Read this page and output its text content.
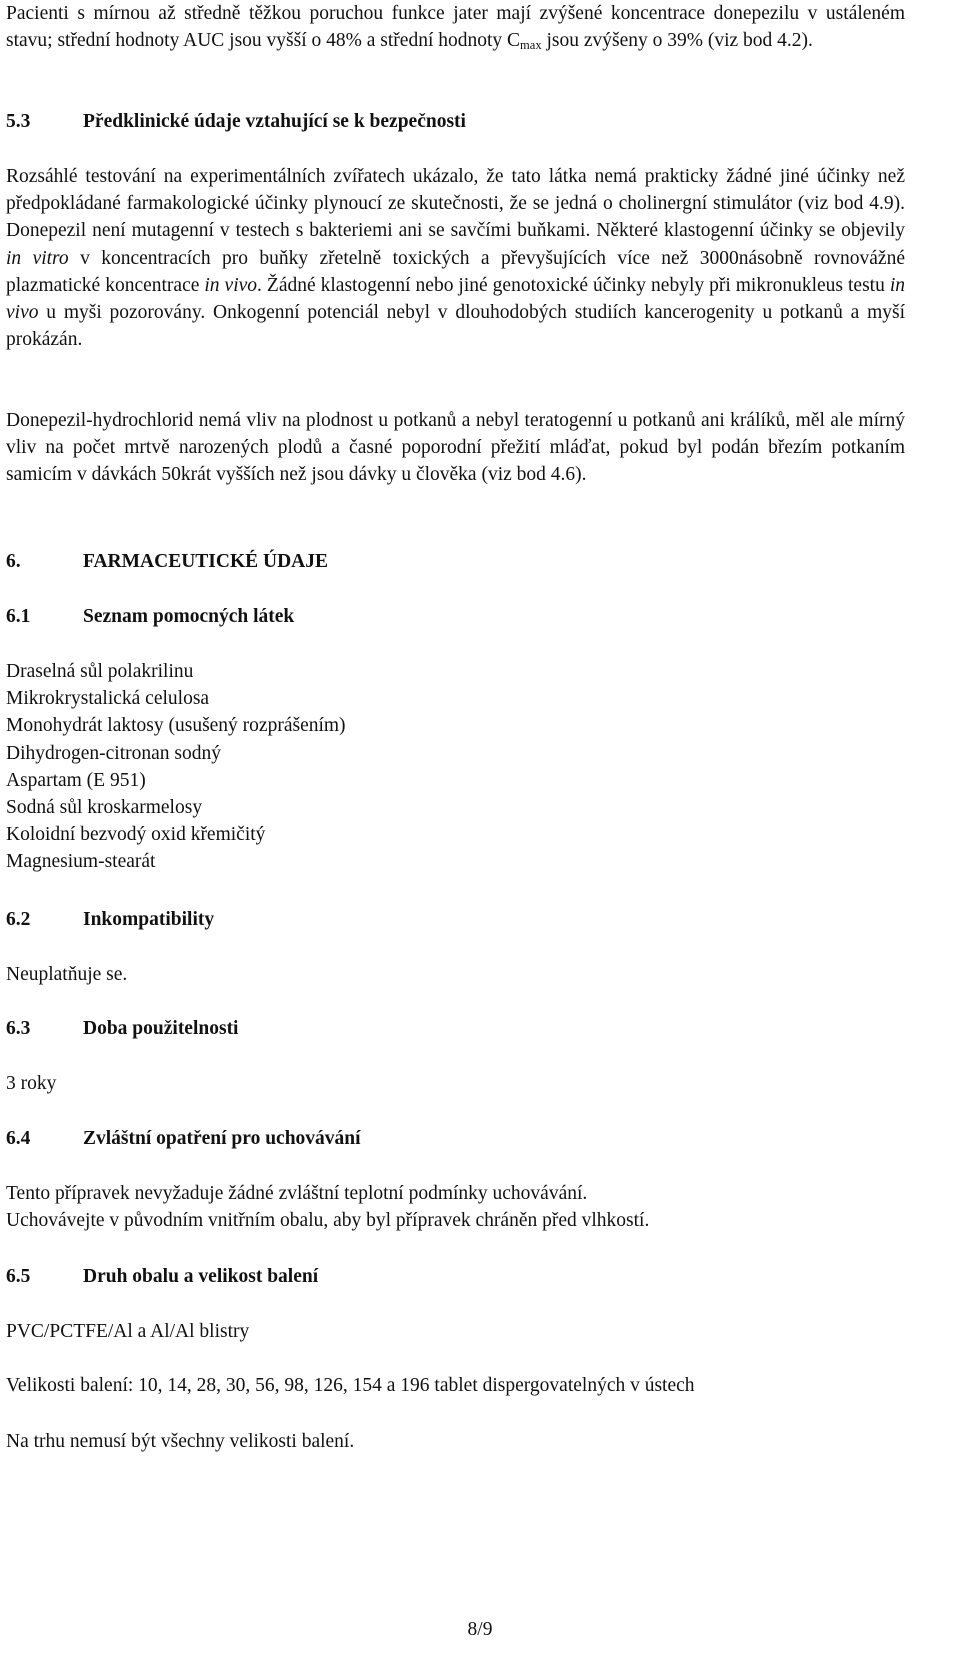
Pacienti s mírnou až středně těžkou poruchou funkce jater mají zvýšené koncentrace donepezilu v ustáleném stavu; střední hodnoty AUC jsou vyšší o 48% a střední hodnoty $C_{max}$ jsou zvýšeny o 39% (viz bod 4.2).

5.3	Předklinické údaje vztahující se k bezpečnosti

Rozsáhlé testování na experimentálních zvířatech ukázalo, že tato látka nemá prakticky žádné jiné účinky než předpokládané farmakologické účinky plynoucí ze skutečnosti, že se jedná o cholinergní stimulátor (viz bod 4.9). Donepezil není mutagenní v testech s bakteriemi ani se savčími buňkami. Některé klastogenní účinky se objevily in vitro v koncentracích pro buňky zřetelně toxických a převyšujících více než 3000násobně rovnovážné plazmatické koncentrace in vivo. Žádné klastogenní nebo jiné genotoxické účinky nebyly při mikronukleus testu in vivo u myši pozorovány. Onkogenní potenciál nebyl v dlouhodobých studiích kancerogenity u potkanů a myší prokázán.

Donepezil-hydrochlorid nemá vliv na plodnost u potkanů a nebyl teratogenní u potkanů ani králíků, měl ale mírný vliv na počet mrtvě narozených plodů a časné poporodní přežití mláďat, pokud byl podán březím potkaním samicím v dávkách 50krát vyšších než jsou dávky u člověka (viz bod 4.6).

6.	FARMACEUTICKÉ ÚDAJE
6.1	Seznam pomocných látek

Draselná sůl polakrilinu
Mikrokrystalická celulosa
Monohydrát laktosy (usušený rozprášením)
Dihydrogen-citronan sodný
Aspartam (E 951)
Sodná sůl kroskarmelosy
Koloidní bezvodý oxid křemičitý
Magnesium-stearát

6.2	Inkompatibility

Neuplatňuje se.

6.3	Doba použitelnosti

3 roky

6.4	Zvláštní opatření pro uchovávání

Tento přípravek nevyžaduje žádné zvláštní teplotní podmínky uchovávání.
Uchovávejte v původním vnitřním obalu, aby byl přípravek chráněn před vlhkostí.

6.5	Druh obalu a velikost balení

PVC/PCTFE/Al a Al/Al blistry

Velikosti balení: 10, 14, 28, 30, 56, 98, 126, 154 a 196 tablet dispergovatelných v ústech

Na trhu nemusí být všechny velikosti balení.

8/9
